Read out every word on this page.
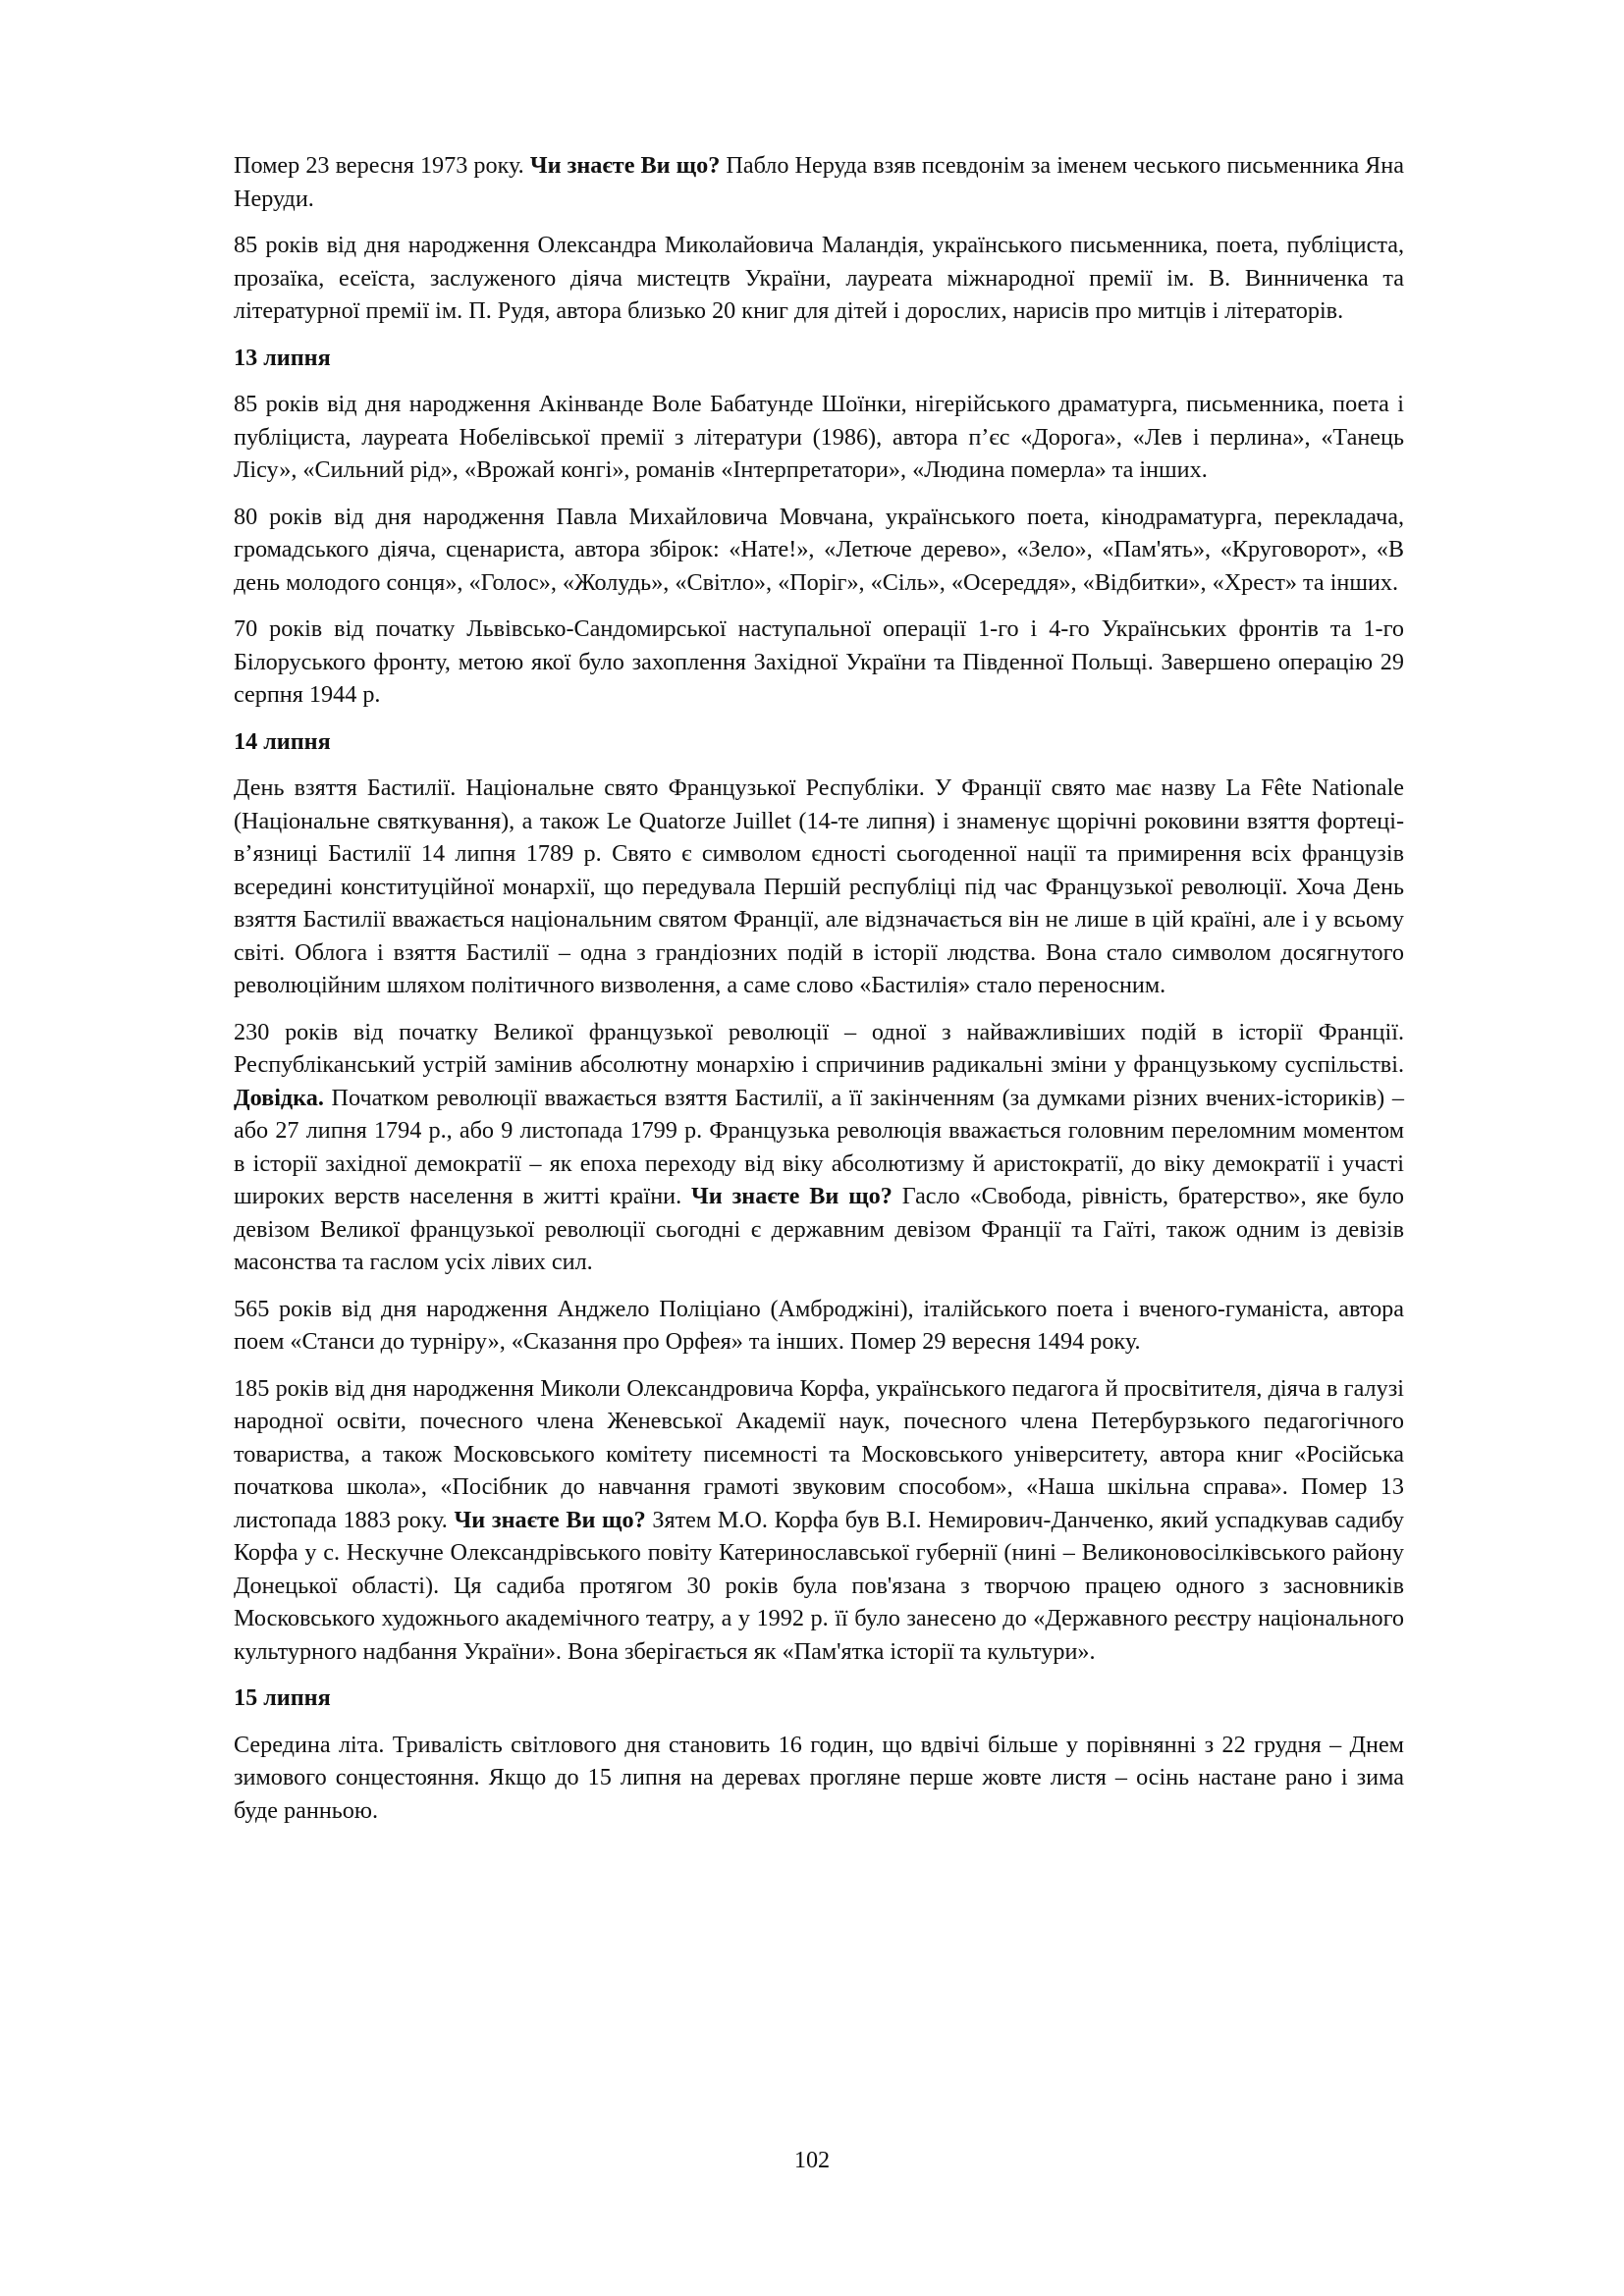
Помер 23 вересня 1973 року. Чи знаєте Ви що? Пабло Неруда взяв псевдонім за іменем чеського письменника Яна Неруди.

85 років від дня народження Олександра Миколайовича Маландія, українського письменника, поета, публіциста, прозаїка, есеїста, заслуженого діяча мистецтв України, лауреата міжнародної премії ім. В. Винниченка та літературної премії ім. П. Рудя, автора близько 20 книг для дітей і дорослих, нарисів про митців і літераторів.

13 липня

85 років від дня народження Акінванде Воле Бабатунде Шоїнки, нігерійського драматурга, письменника, поета і публіциста, лауреата Нобелівської премії з літератури (1986), автора п’єс «Дорога», «Лев і перлина», «Танець Лісу», «Сильний рід», «Врожай конгі», романів «Інтерпретатори», «Людина померла» та інших.

80 років від дня народження Павла Михайловича Мовчана, українського поета, кінодраматурга, перекладача, громадського діяча, сценариста, автора збірок: «Нате!», «Летюче дерево», «Зело», «Пам'ять», «Круговорот», «В день молодого сонця», «Голос», «Жолудь», «Світло», «Поріг», «Сіль», «Осереддя», «Відбитки», «Хрест» та інших.

70 років від початку Львівсько-Сандомирської наступальної операції 1-го і 4-го Українських фронтів та 1-го Білоруського фронту, метою якої було захоплення Західної України та Південної Польщі. Завершено операцію 29 серпня 1944 р.

14 липня

День взяття Бастилії. Національне свято Французької Республіки. У Франції свято має назву La Fête Nationale (Національне святкування), а також Le Quatorze Juillet (14-те липня) і знаменує щорічні роковини взяття фортеці-в’язниці Бастилії 14 липня 1789 р. Свято є символом єдності сьогоденної нації та примирення всіх французів всередині конституційної монархії, що передувала Першій республіці під час Французької революції. Хоча День взяття Бастилії вважається національним святом Франції, але відзначається він не лише в цій країні, але і у всьому світі. Облога і взяття Бастилії – одна з грандіозних подій в історії людства. Вона стало символом досягнутого революційним шляхом політичного визволення, а саме слово «Бастилія» стало переносним.

230 років від початку Великої французької революції – одної з найважливіших подій в історії Франції. Республіканський устрій замінив абсолютну монархію і спричинив радикальні зміни у французькому суспільстві. Довідка. Початком революції вважається взяття Бастилії, а її закінченням (за думками різних вчених-істориків) – або 27 липня 1794 р., або 9 листопада 1799 р. Французька революція вважається головним переломним моментом в історії західної демократії – як епоха переходу від віку абсолютизму й аристократії, до віку демократії і участі широких верств населення в житті країни. Чи знаєте Ви що? Гасло «Свобода, рівність, братерство», яке було девізом Великої французької революції сьогодні є державним девізом Франції та Гаїті, також одним із девізів масонства та гаслом усіх лівих сил.

565 років від дня народження Анджело Поліціано (Амброджіні), італійського поета і вченого-гуманіста, автора поем «Станси до турніру», «Сказання про Орфея» та інших. Помер 29 вересня 1494 року.

185 років від дня народження Миколи Олександровича Корфа, українського педагога й просвітителя, діяча в галузі народної освіти, почесного члена Женевської Академії наук, почесного члена Петербурзького педагогічного товариства, а також Московського комітету писемності та Московського університету, автора книг «Російська початкова школа», «Посібник до навчання грамоті звуковим способом», «Наша шкільна справа». Помер 13 листопада 1883 року. Чи знаєте Ви що? Зятем М.О. Корфа був В.І. Немирович-Данченко, який успадкував садибу Корфа у с. Нескучне Олександрівського повіту Катеринославської губернії (нині – Великоновосілківського району Донецької області). Ця садиба протягом 30 років була пов'язана з творчою працею одного з засновників Московського художнього академічного театру, а у 1992 р. її було занесено до «Державного реєстру національного культурного надбання України». Вона зберігається як «Пам'ятка історії та культури».

15 липня

Середина літа. Тривалість світлового дня становить 16 годин, що вдвічі більше у порівнянні з 22 грудня – Днем зимового сонцестояння. Якщо до 15 липня на деревах прогляне перше жовте листя – осінь настане рано і зима буде ранньою.

102
